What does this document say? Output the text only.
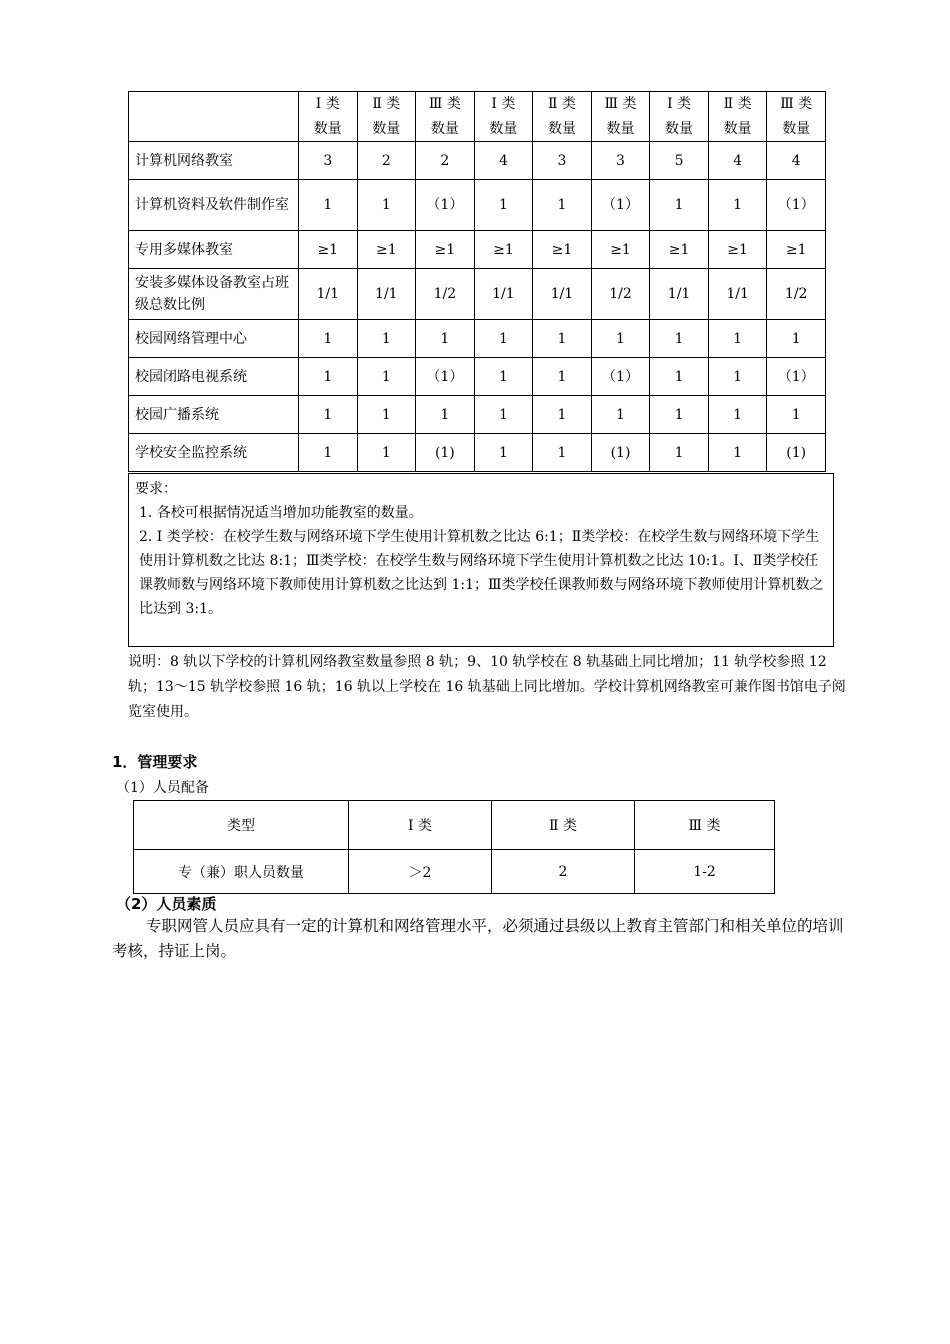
	Ⅰ 类	Ⅱ 类	Ⅲ 类	Ⅰ 类	Ⅱ 类	Ⅲ 类	Ⅰ 类	Ⅱ 类	Ⅲ 类
	数量	数量	数量	数量	数量	数量	数量	数量	数量
计算机网络教室	3	2	2	4	3	3	5	4	4
计算机资料及软件制作室	1	1	（1）	1	1	（1）	1	1	（1）
专用多媒体教室	≥1	≥1	≥1	≥1	≥1	≥1	≥1	≥1	≥1
安装多媒体设备教室占班级总数比例	1/1	1/1	1/2	1/1	1/1	1/2	1/1	1/1	1/2
校园网络管理中心	1	1	1	1	1	1	1	1	1
校园闭路电视系统	1	1	（1）	1	1	（1）	1	1	（1）
校园广播系统	1	1	1	1	1	1	1	1	1
学校安全监控系统	1	1	(1)	1	1	(1)	1	1	(1)

要求：

1. 各校可根据情况适当增加功能教室的数量。

2. Ⅰ 类学校：在校学生数与网络环境下学生使用计算机数之比达 6:1；Ⅱ类学校：在校学生数与网络环境下学生使用计算机数之比达 8:1；Ⅲ类学校：在校学生数与网络环境下学生使用计算机数之比达 10:1。Ⅰ、Ⅱ类学校任课教师数与网络环境下教师使用计算机数之比达到 1:1；Ⅲ类学校任课教师数与网络环境下教师使用计算机数之比达到 3:1。

说明：8 轨以下学校的计算机网络教室数量参照 8 轨；9、10 轨学校在 8 轨基础上同比增加；11 轨学校参照 12 轨；13～15 轨学校参照 16 轨；16 轨以上学校在 16 轨基础上同比增加。学校计算机网络教室可兼作图书馆电子阅览室使用。
1．管理要求
（1）人员配备
类型	Ⅰ 类	Ⅱ 类	Ⅲ 类
专（兼）职人员数量	＞2	2	1-2
（2）人员素质
专职网管人员应具有一定的计算机和网络管理水平，必须通过县级以上教育主管部门和相关单位的培训考核，持证上岗。
